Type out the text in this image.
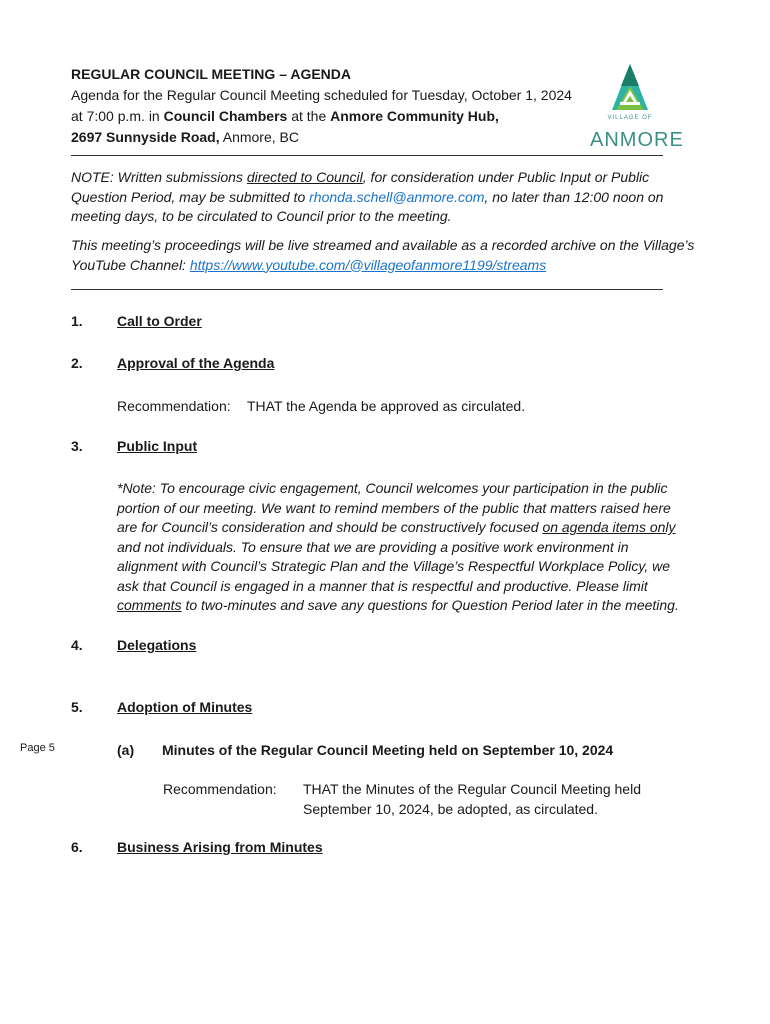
REGULAR COUNCIL MEETING – AGENDA
Agenda for the Regular Council Meeting scheduled for Tuesday, October 1, 2024
at 7:00 p.m. in Council Chambers at the Anmore Community Hub,
2697 Sunnyside Road, Anmore, BC
VILLAGE OF
ANMORE
NOTE: Written submissions directed to Council, for consideration under Public Input or Public
Question Period, may be submitted to rhonda.schell@anmore.com, no later than 12:00 noon on
meeting days, to be circulated to Council prior to the meeting.
This meeting’s proceedings will be live streamed and available as a recorded archive on the Village’s
YouTube Channel: https://www.youtube.com/@villageofanmore1199/streams
1. Call to Order
2. Approval of the Agenda
Recommendation: THAT the Agenda be approved as circulated.
3. Public Input
*Note: To encourage civic engagement, Council welcomes your participation in the public
portion of our meeting. We want to remind members of the public that matters raised here
are for Council’s consideration and should be constructively focused on agenda items only
and not individuals. To ensure that we are providing a positive work environment in
alignment with Council’s Strategic Plan and the Village’s Respectful Workplace Policy, we
ask that Council is engaged in a manner that is respectful and productive. Please limit
comments to two-minutes and save any questions for Question Period later in the meeting.
4. Delegations
5. Adoption of Minutes
Page 5	(a) Minutes of the Regular Council Meeting held on September 10, 2024
Recommendation: THAT the Minutes of the Regular Council Meeting held
September 10, 2024, be adopted, as circulated.
6. Business Arising from Minutes
